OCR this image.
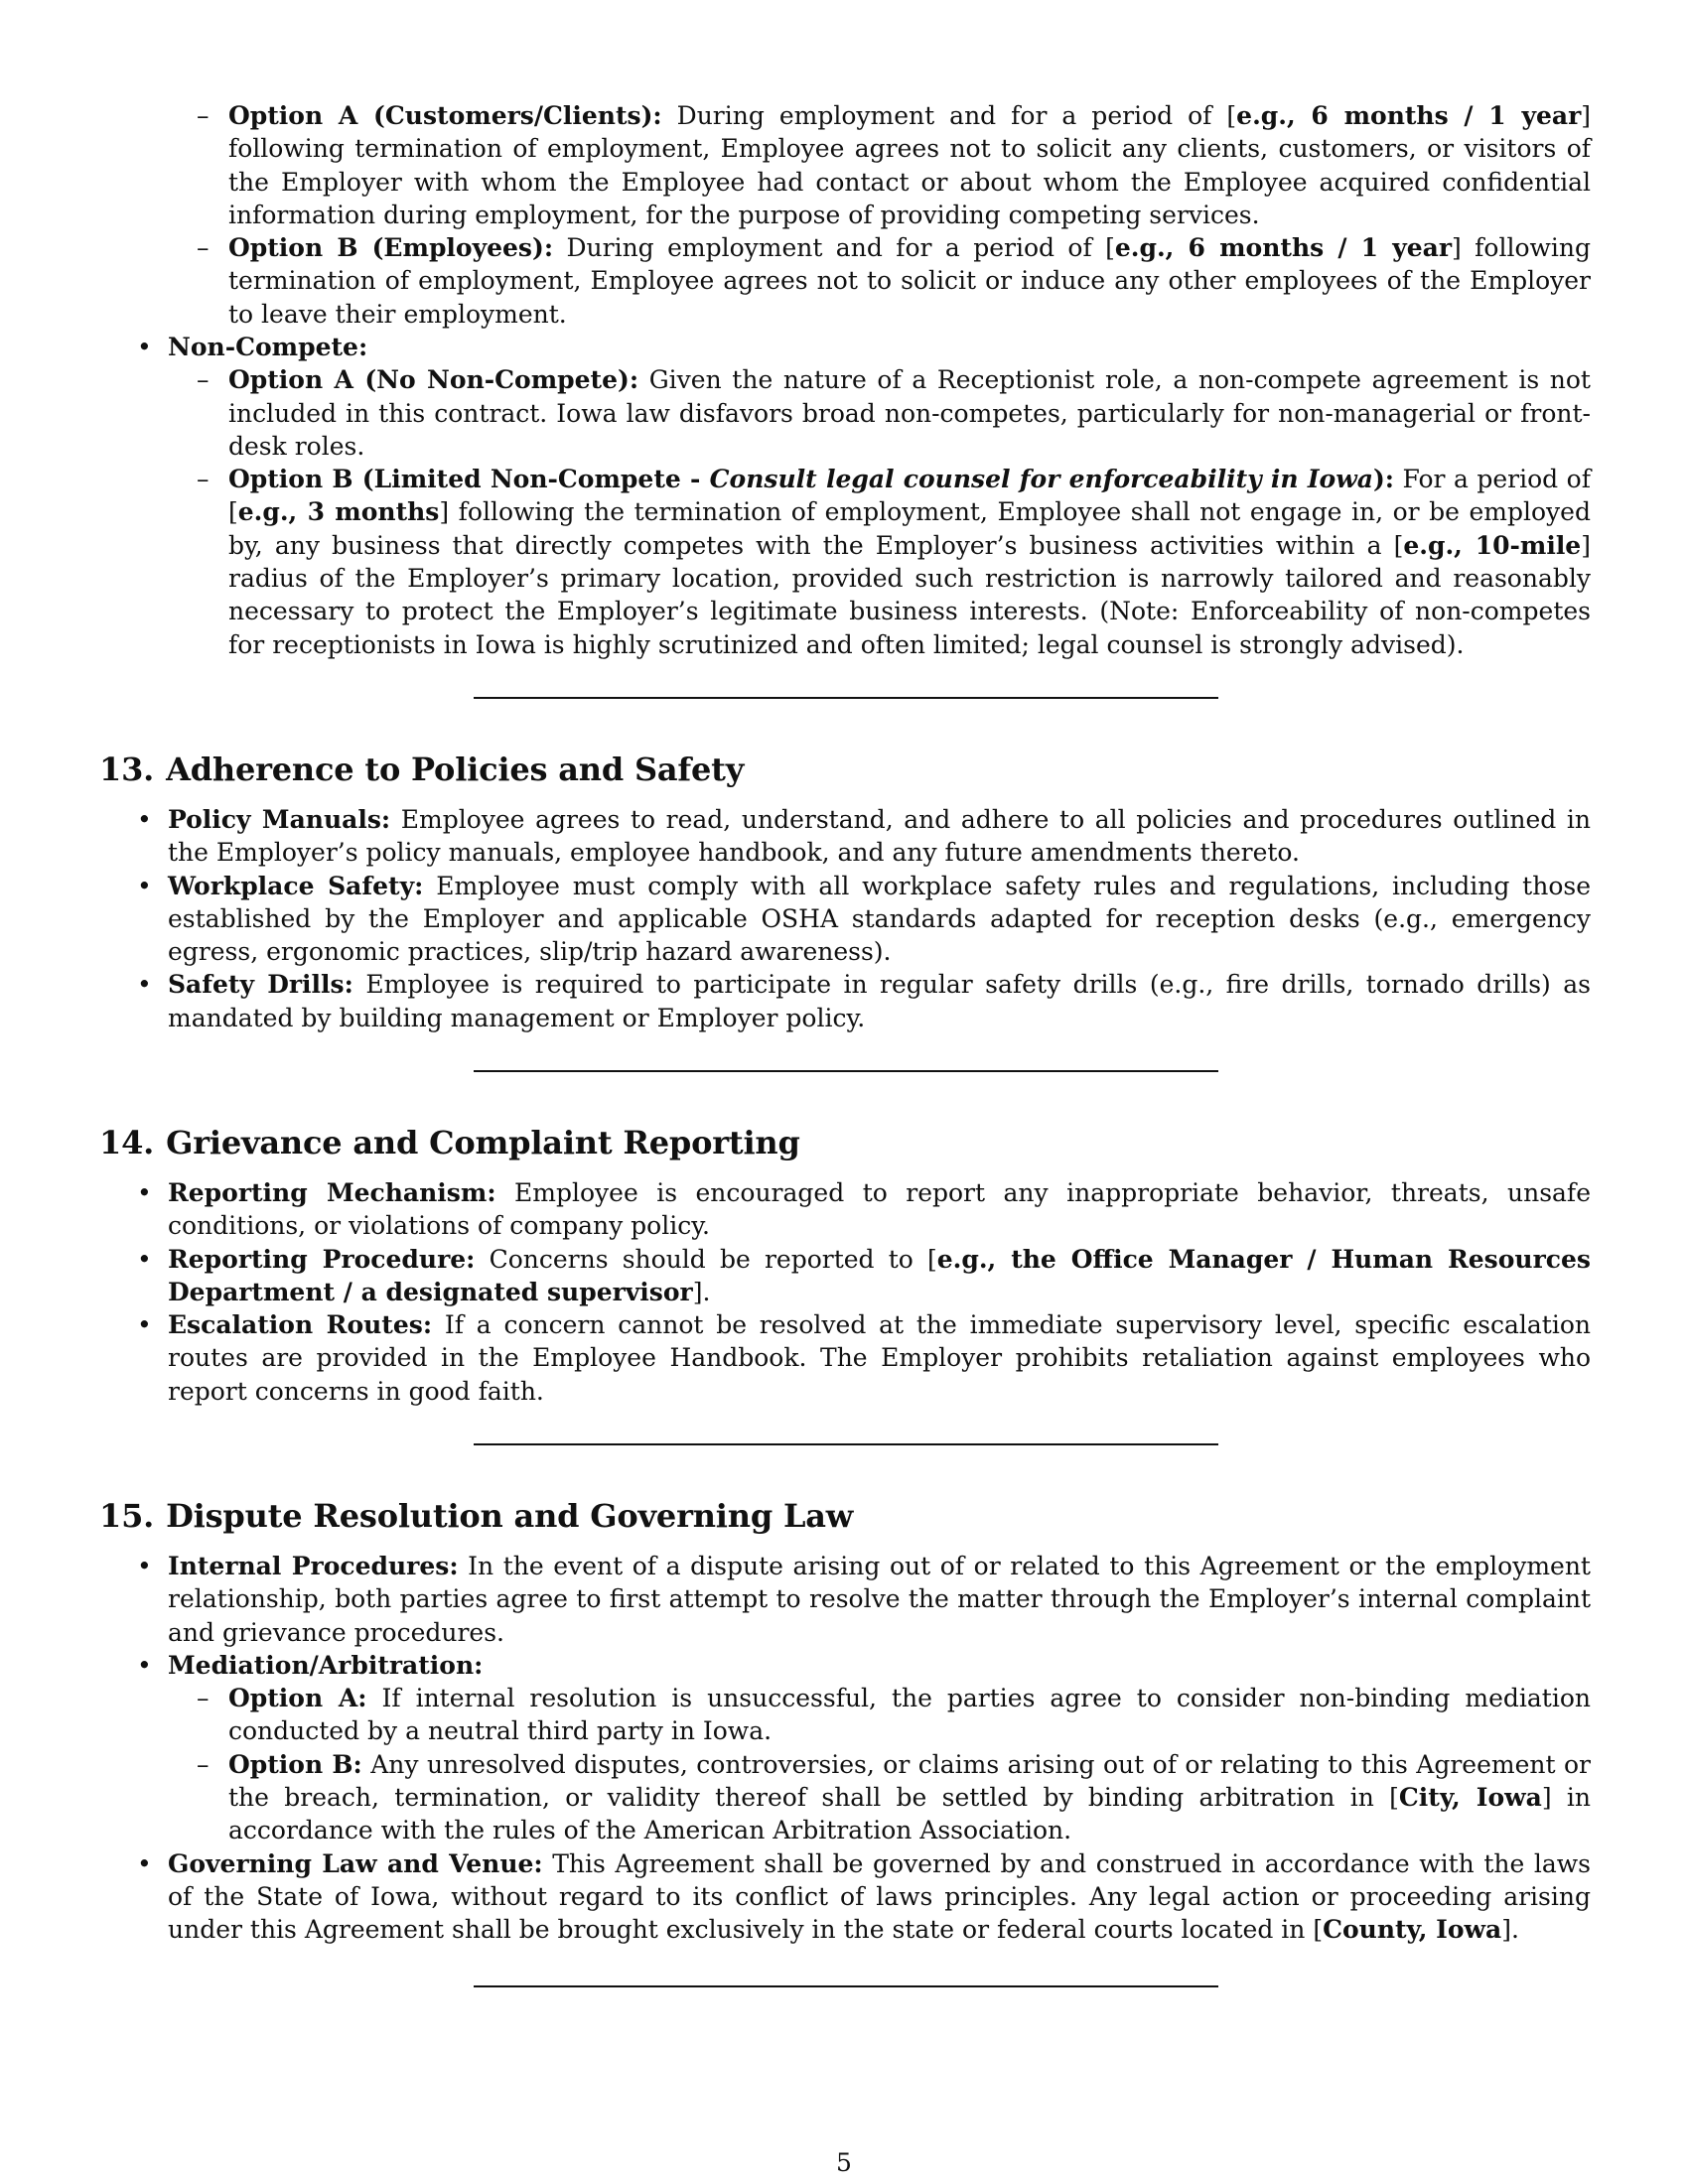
– Option A (Customers/Clients): During employment and for a period of [e.g., 6 months / 1 year] following termination of employment, Employee agrees not to solicit any clients, customers, or visitors of the Employer with whom the Employee had contact or about whom the Employee acquired confidential information during employment, for the purpose of providing competing services.
– Option B (Employees): During employment and for a period of [e.g., 6 months / 1 year] following termination of employment, Employee agrees not to solicit or induce any other employees of the Employer to leave their employment.
• Non-Compete:
– Option A (No Non-Compete): Given the nature of a Receptionist role, a non-compete agreement is not included in this contract. Iowa law disfavors broad non-competes, particularly for non-managerial or front-desk roles.
– Option B (Limited Non-Compete - Consult legal counsel for enforceability in Iowa): For a period of [e.g., 3 months] following the termination of employment, Employee shall not engage in, or be employed by, any business that directly competes with the Employer’s business activities within a [e.g., 10-mile] radius of the Employer’s primary location, provided such restriction is narrowly tailored and reasonably necessary to protect the Employer’s legitimate business interests. (Note: Enforceability of non-competes for receptionists in Iowa is highly scrutinized and often limited; legal counsel is strongly advised).
13. Adherence to Policies and Safety
• Policy Manuals: Employee agrees to read, understand, and adhere to all policies and procedures outlined in the Employer’s policy manuals, employee handbook, and any future amendments thereto.
• Workplace Safety: Employee must comply with all workplace safety rules and regulations, including those established by the Employer and applicable OSHA standards adapted for reception desks (e.g., emergency egress, ergonomic practices, slip/trip hazard awareness).
• Safety Drills: Employee is required to participate in regular safety drills (e.g., fire drills, tornado drills) as mandated by building management or Employer policy.
14. Grievance and Complaint Reporting
• Reporting Mechanism: Employee is encouraged to report any inappropriate behavior, threats, unsafe conditions, or violations of company policy.
• Reporting Procedure: Concerns should be reported to [e.g., the Office Manager / Human Resources Department / a designated supervisor].
• Escalation Routes: If a concern cannot be resolved at the immediate supervisory level, specific escalation routes are provided in the Employee Handbook. The Employer prohibits retaliation against employees who report concerns in good faith.
15. Dispute Resolution and Governing Law
• Internal Procedures: In the event of a dispute arising out of or related to this Agreement or the employment relationship, both parties agree to first attempt to resolve the matter through the Employer’s internal complaint and grievance procedures.
• Mediation/Arbitration:
– Option A: If internal resolution is unsuccessful, the parties agree to consider non-binding mediation conducted by a neutral third party in Iowa.
– Option B: Any unresolved disputes, controversies, or claims arising out of or relating to this Agreement or the breach, termination, or validity thereof shall be settled by binding arbitration in [City, Iowa] in accordance with the rules of the American Arbitration Association.
• Governing Law and Venue: This Agreement shall be governed by and construed in accordance with the laws of the State of Iowa, without regard to its conflict of laws principles. Any legal action or proceeding arising under this Agreement shall be brought exclusively in the state or federal courts located in [County, Iowa].
5
